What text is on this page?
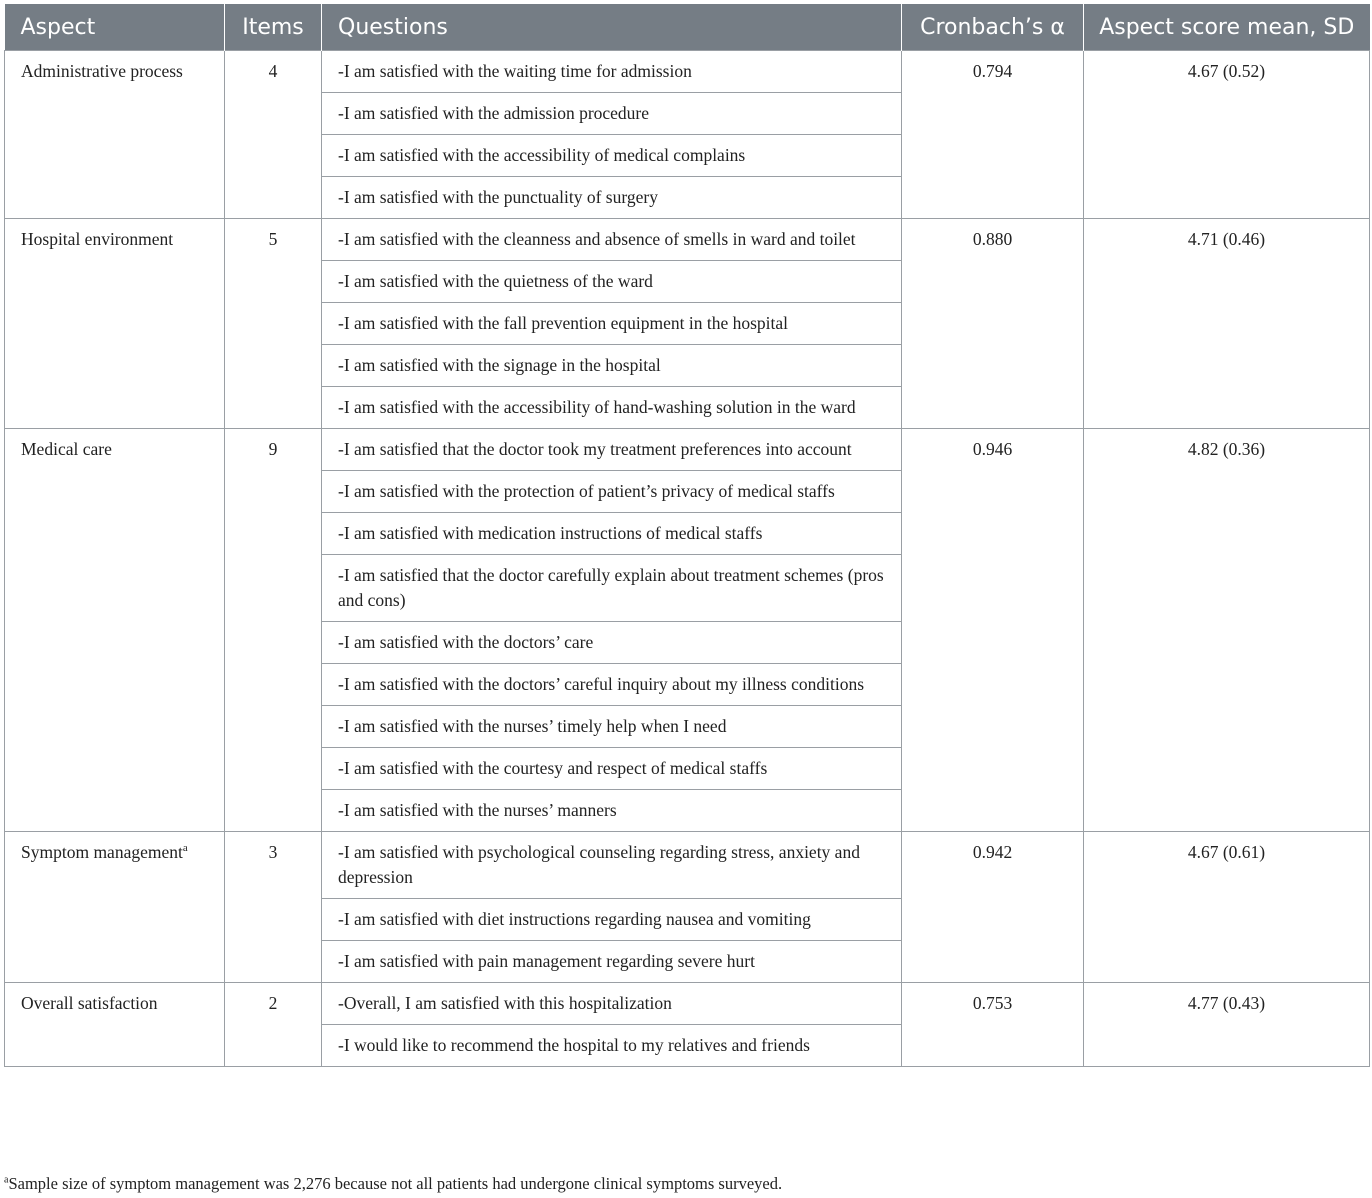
Aspect	Items	Questions	Cronbach’s α	Aspect score mean, SD
Administrative process	4	-I am satisfied with the waiting time for admission	0.794	4.67 (0.52)
		-I am satisfied with the admission procedure		
		-I am satisfied with the accessibility of medical complains		
		-I am satisfied with the punctuality of surgery		
Hospital environment	5	-I am satisfied with the cleanness and absence of smells in ward and toilet	0.880	4.71 (0.46)
		-I am satisfied with the quietness of the ward		
		-I am satisfied with the fall prevention equipment in the hospital		
		-I am satisfied with the signage in the hospital		
		-I am satisfied with the accessibility of hand-washing solution in the ward		
Medical care	9	-I am satisfied that the doctor took my treatment preferences into account	0.946	4.82 (0.36)
		-I am satisfied with the protection of patient’s privacy of medical staffs		
		-I am satisfied with medication instructions of medical staffs		
		-I am satisfied that the doctor carefully explain about treatment schemes (pros and cons)		
		-I am satisfied with the doctors’ care		
		-I am satisfied with the doctors’ careful inquiry about my illness conditions		
		-I am satisfied with the nurses’ timely help when I need		
		-I am satisfied with the courtesy and respect of medical staffs		
		-I am satisfied with the nurses’ manners		
Symptom management$^a$	3	-I am satisfied with psychological counseling regarding stress, anxiety and depression	0.942	4.67 (0.61)
		-I am satisfied with diet instructions regarding nausea and vomiting		
		-I am satisfied with pain management regarding severe hurt		
Overall satisfaction	2	-Overall, I am satisfied with this hospitalization	0.753	4.77 (0.43)
		-I would like to recommend the hospital to my relatives and friends		
$^a$Sample size of symptom management was 2,276 because not all patients had undergone clinical symptoms surveyed.
